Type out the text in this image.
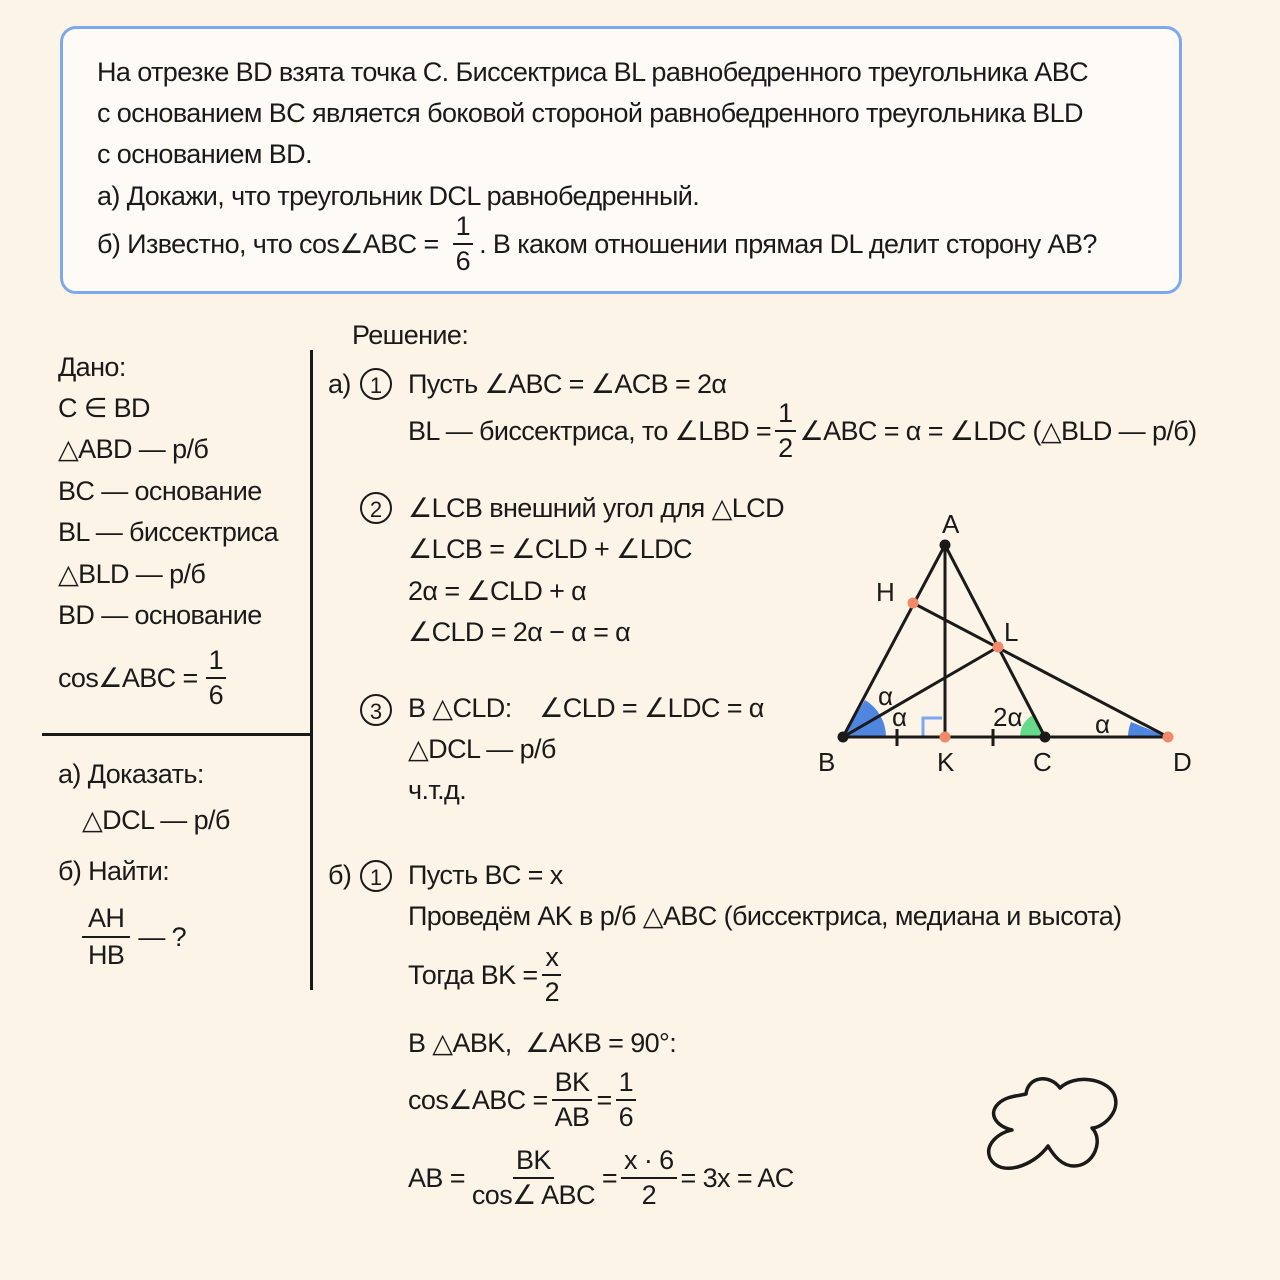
На отрезке BD взята точка С. Биссектриса BL равнобедренного треугольника ABC
с основанием BC является боковой стороной равнобедренного треугольника BLD
с основанием BD.
а) Докажи, что треугольник DCL равнобедренный.
б) Известно, что cos∠ABC = $\frac{1}{6}$ . В каком отношении прямая DL делит сторону AB?
Дано:
C ∈ BD
△ABD — р/б
BC — основание
BL — биссектриса
△BLD — р/б
BD — основание
cos∠ABC = $\frac{1}{6}$
а) Доказать:
△DCL — р/б
б) Найти:
$\frac{AH}{HB}$ — ?
Решение:
а) 1 Пусть ∠ABC = ∠ACB = 2α
BL — биссектриса, то ∠LBD = $\frac{1}{2}$ ∠ABC = α = ∠LDC (△BLD — р/б)
2 ∠LCB внешний угол для △LCD
∠LCB = ∠CLD + ∠LDC
2α = ∠CLD + α
∠CLD = 2α − α = α
3 В △CLD:    ∠CLD = ∠LDC = α
△DCL — р/б
ч.т.д.
б) 1 Пусть BC = x
Проведём AK в р/б △ABC (биссектриса, медиана и высота)
Тогда BK = $\frac{x}{2}$
В △ABK,  ∠AKB = 90°:
cos∠ABC = $\frac{BK}{AB} = \frac{1}{6}$
AB = $\frac{BK}{\text{cos∠ ABC}} = \frac{x \cdot 6}{2} = 3x$ = AC
A
B	C	D
H
K
L
α
α	2α	α
